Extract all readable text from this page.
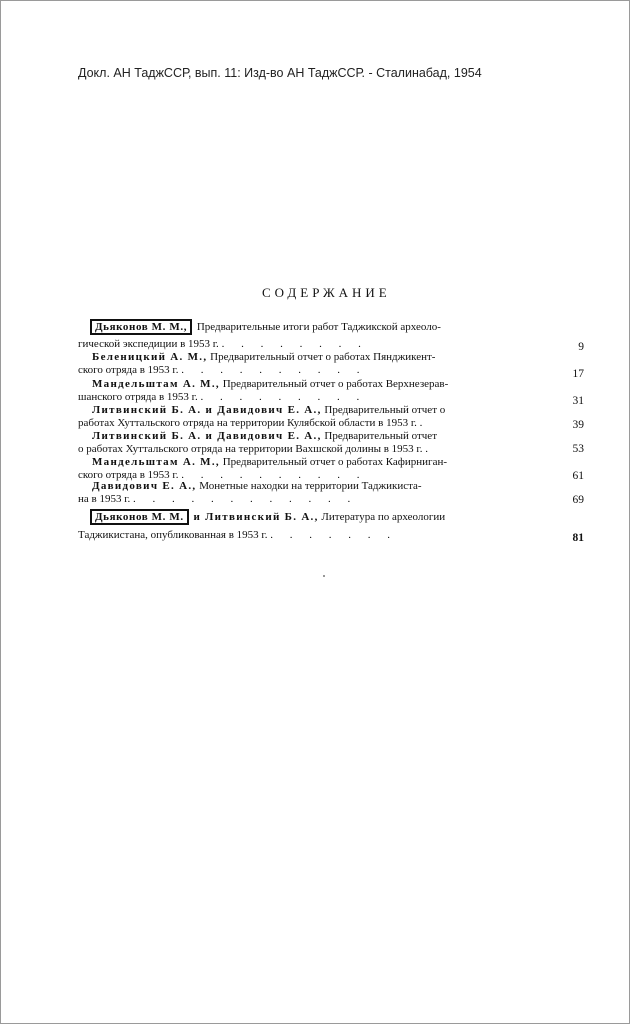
Докл. АН ТаджССР, вып. 11: Изд-во АН ТаджССР. - Сталинабад, 1954
СОДЕРЖАНИЕ
Дьяконов М. М., Предварительные итоги работ Таджикской археоло-
гической экспедиции в 1953 г. . . . . . . . .	9
Беленицкий А. М., Предварительный отчет о работах Пянджикент-
ского отряда в 1953 г. . . . . . . . . . .	17
Мандельштам А. М., Предварительный отчет о работах Верхнезерав-
шанского отряда в 1953 г. . . . . . . . . .	31
Литвинский Б. А. и Давидович Е. А., Предварительный отчет о
работах Хуттальского отряда на территории Кулябской области в 1953 г. .	39
Литвинский Б. А. и Давидович Е. А., Предварительный отчет
о работах Хуттальского отряда на территории Вахшской долины в 1953 г. .	53
Мандельштам А. М., Предварительный отчет о работах Кафирниган-
ского отряда в 1953 г. . . . . . . . . . .	61
Давидович Е. А., Монетные находки на территории Таджикиста-
на в 1953 г. . . . . . . . . . . . .	69
Дьяконов М. М. и Литвинский Б. А., Литература по археологии
Таджикистана, опубликованная в 1953 г. . . . . . . .	81
